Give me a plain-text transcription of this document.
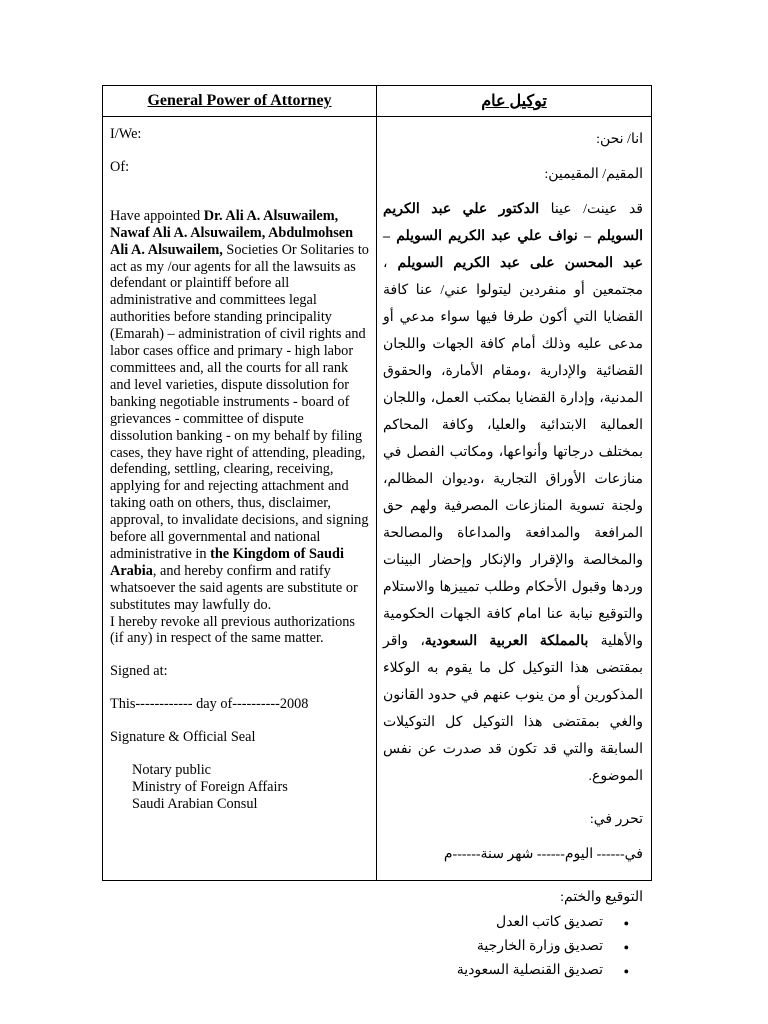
General Power of Attorney

I/We:

Of:

Have appointed Dr. Ali A. Alsuwailem, Nawaf Ali A. Alsuwailem, Abdulmohsen Ali A. Alsuwailem, Societies Or Solitaries to act as my /our agents for all the lawsuits as defendant or plaintiff before all administrative and committees legal authorities before standing principality (Emarah) – administration of civil rights and labor cases office and primary - high labor committees and, all the courts for all rank and level varieties, dispute dissolution for banking negotiable instruments - board of grievances - committee of dispute dissolution banking - on my behalf by filing cases, they have right of attending, pleading, defending, settling, clearing, receiving, applying for and rejecting attachment and taking oath on others, thus, disclaimer, approval, to invalidate decisions, and signing before all governmental and national administrative in the Kingdom of Saudi Arabia, and hereby confirm and ratify whatsoever the said agents are substitute or substitutes may lawfully do.

I hereby revoke all previous authorizations (if any) in respect of the same matter.

Signed at:

This------------ day of----------2008

Signature & Official Seal

Notary public

Ministry of Foreign Affairs

Saudi Arabian Consul

توكيل عام

انا/ نحن:

المقيم/ المقيمين:

قد عينت/ عينا الدكتور علي عبد الكريم السويلم – نواف علي عبد الكريم السويلم – عبد المحسن على عبد الكريم السويلم ، مجتمعين أو منفردين ليتولوا عني/ عنا كافة القضايا التي أكون طرفا فيها سواء مدعي أو مدعى عليه وذلك أمام كافة الجهات واللجان القضائية والإدارية ،ومقام الأمارة، والحقوق المدنية، وإدارة القضايا بمكتب العمل، واللجان العمالية الابتدائية والعليا، وكافة المحاكم بمختلف درجاتها وأنواعها، ومكاتب الفصل في منازعات الأوراق التجارية ،وديوان المظالم، ولجنة تسوية المنازعات المصرفية ولهم حق المرافعة والمدافعة والمداعاة والمصالحة والمخالصة والإقرار والإنكار وإحضار البينات وردها وقبول الأحكام وطلب تمييزها والاستلام والتوقيع نيابة عنا امام كافة الجهات الحكومية والأهلية بالمملكة العربية السعودية، واقر بمقتضى هذا التوكيل كل ما يقوم به الوكلاء المذكورين أو من ينوب عنهم في حدود القانون والغي بمقتضى هذا التوكيل كل التوكيلات السابقة والتي قد تكون قد صدرت عن نفس الموضوع.

تحرر في:

في------ اليوم------ شهر سنة------م

التوقيع والختم:

● تصديق كاتب العدل
● تصديق وزارة الخارجية
● تصديق القنصلية السعودية
